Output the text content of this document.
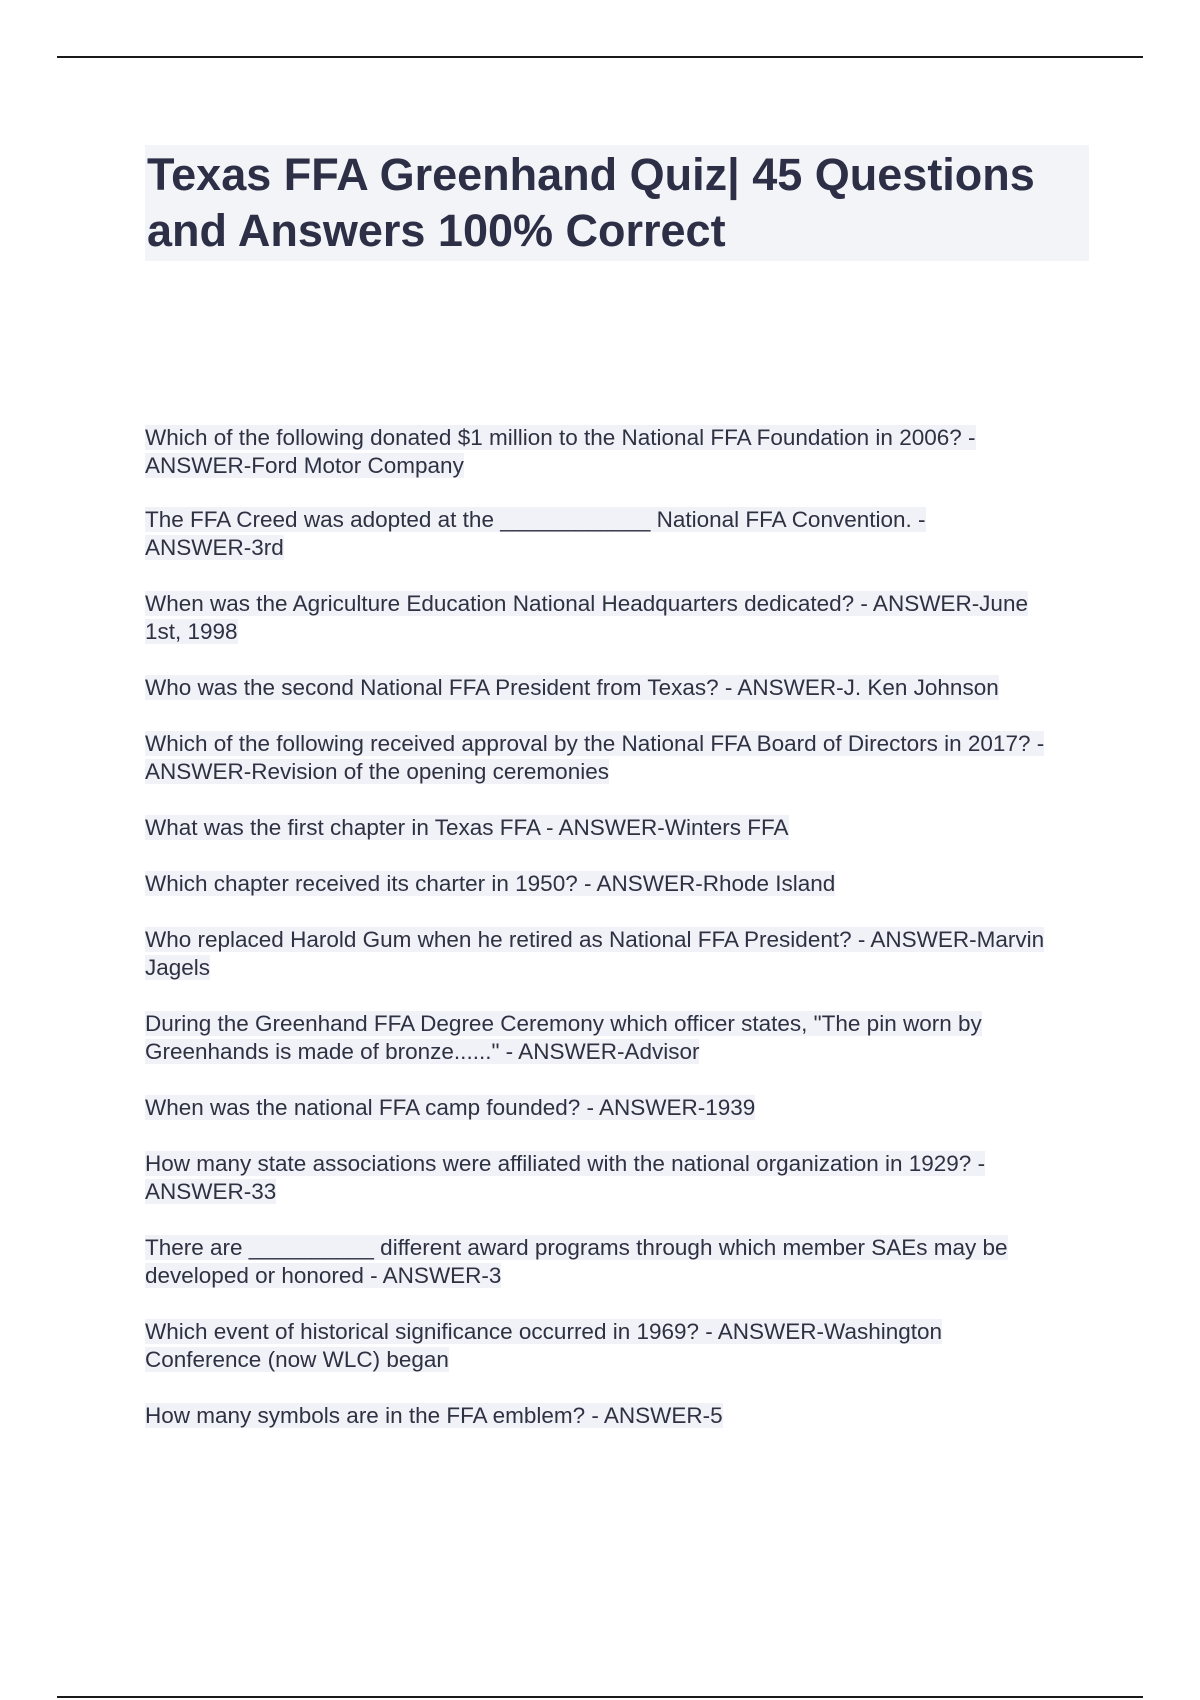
Texas FFA Greenhand Quiz| 45 Questions and Answers 100% Correct
Which of the following donated $1 million to the National FFA Foundation in 2006? - ANSWER-Ford Motor Company
The FFA Creed was adopted at the ____________ National FFA Convention. - ANSWER-3rd
When was the Agriculture Education National Headquarters dedicated? - ANSWER-June 1st, 1998
Who was the second National FFA President from Texas? - ANSWER-J. Ken Johnson
Which of the following received approval by the National FFA Board of Directors in 2017? - ANSWER-Revision of the opening ceremonies
What was the first chapter in Texas FFA - ANSWER-Winters FFA
Which chapter received its charter in 1950? - ANSWER-Rhode Island
Who replaced Harold Gum when he retired as National FFA President? - ANSWER-Marvin Jagels
During the Greenhand FFA Degree Ceremony which officer states, "The pin worn by Greenhands is made of bronze......" - ANSWER-Advisor
When was the national FFA camp founded? - ANSWER-1939
How many state associations were affiliated with the national organization in 1929? - ANSWER-33
There are __________ different award programs through which member SAEs may be developed or honored - ANSWER-3
Which event of historical significance occurred in 1969? - ANSWER-Washington Conference (now WLC) began
How many symbols are in the FFA emblem? - ANSWER-5
